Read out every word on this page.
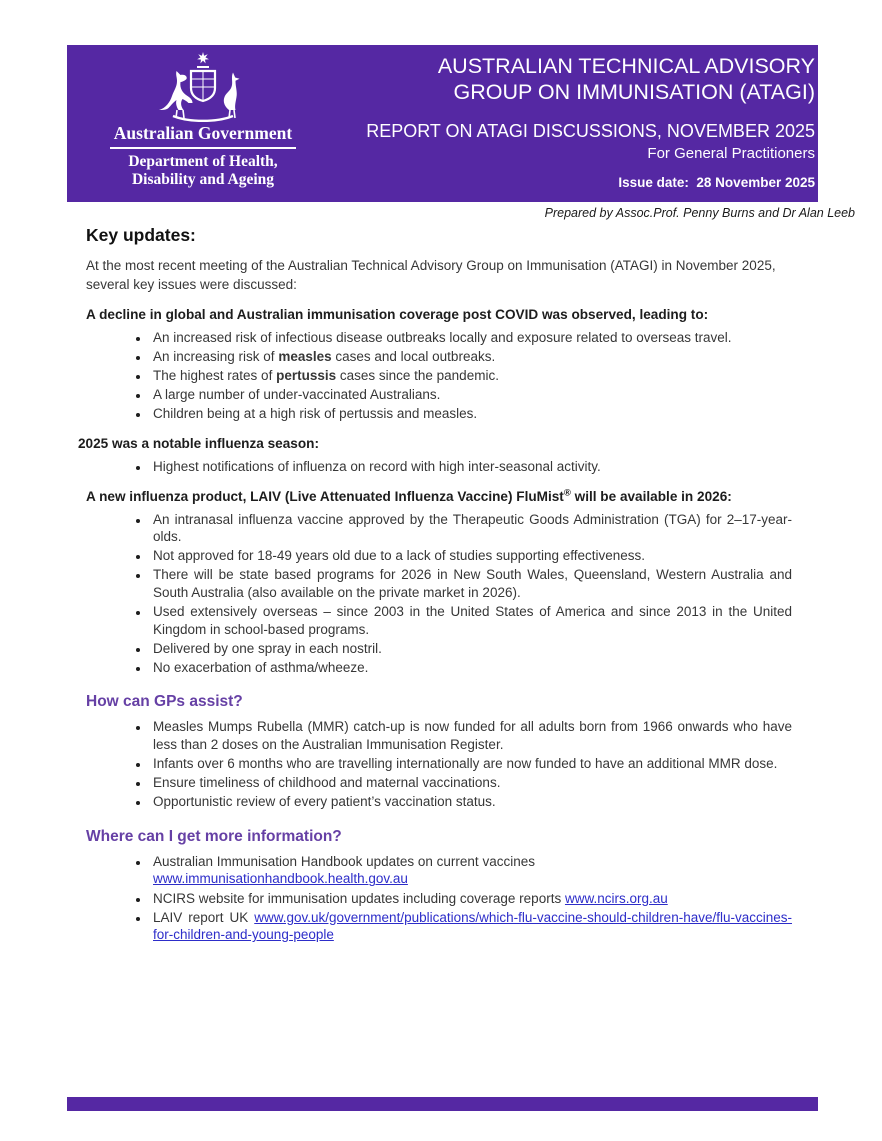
Australian Government
Department of Health,
Disability and Ageing
AUSTRALIAN TECHNICAL ADVISORY
GROUP ON IMMUNISATION (ATAGI)
REPORT ON ATAGI DISCUSSIONS, NOVEMBER 2025
For General Practitioners
Issue date:  28 November 2025
Prepared by Assoc.Prof. Penny Burns and Dr Alan Leeb
Key updates:

At the most recent meeting of the Australian Technical Advisory Group on Immunisation (ATAGI) in November 2025, several key issues were discussed:

A decline in global and Australian immunisation coverage post COVID was observed, leading to:
• An increased risk of infectious disease outbreaks locally and exposure related to overseas travel.
• An increasing risk of measles cases and local outbreaks.
• The highest rates of pertussis cases since the pandemic.
• A large number of under-vaccinated Australians.
• Children being at a high risk of pertussis and measles.
2025 was a notable influenza season:
• Highest notifications of influenza on record with high inter-seasonal activity.
A new influenza product, LAIV (Live Attenuated Influenza Vaccine) FluMist® will be available in 2026:
• An intranasal influenza vaccine approved by the Therapeutic Goods Administration (TGA) for 2–17-year-olds.
• Not approved for 18-49 years old due to a lack of studies supporting effectiveness.
• There will be state based programs for 2026 in New South Wales, Queensland, Western Australia and South Australia (also available on the private market in 2026).
• Used extensively overseas – since 2003 in the United States of America and since 2013 in the United Kingdom in school-based programs.
• Delivered by one spray in each nostril.
• No exacerbation of asthma/wheeze.
How can GPs assist?
• Measles Mumps Rubella (MMR) catch-up is now funded for all adults born from 1966 onwards who have less than 2 doses on the Australian Immunisation Register.
• Infants over 6 months who are travelling internationally are now funded to have an additional MMR dose.
• Ensure timeliness of childhood and maternal vaccinations.
• Opportunistic review of every patient’s vaccination status.
Where can I get more information?
• Australian Immunisation Handbook updates on current vaccines
www.immunisationhandbook.health.gov.au
• NCIRS website for immunisation updates including coverage reports www.ncirs.org.au
• LAIV report UK www.gov.uk/government/publications/which-flu-vaccine-should-children-have/flu-vaccines-for-children-and-young-people
